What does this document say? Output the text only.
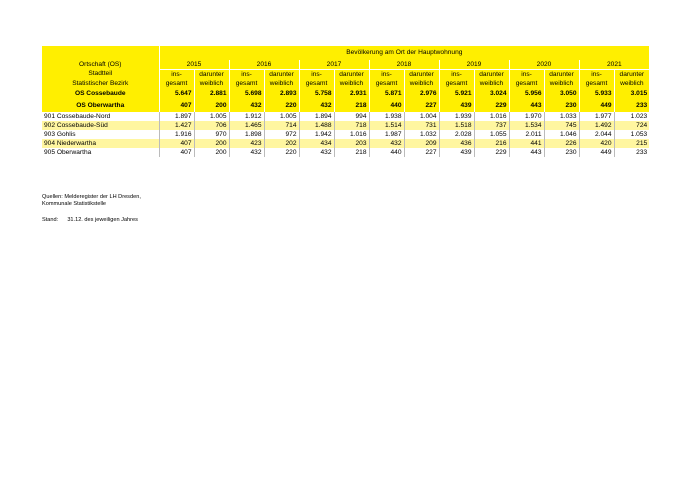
	Bevölkerung am Ort der Hauptwohnung													
Ortschaft (OS)	2015		2016		2017		2018		2019		2020		2021	
Stadtteil	ins-	darunter	ins-	darunter	ins-	darunter	ins-	darunter	ins-	darunter	ins-	darunter	ins-	darunter
Statistischer Bezirk	gesamt	weiblich	gesamt	weiblich	gesamt	weiblich	gesamt	weiblich	gesamt	weiblich	gesamt	weiblich	gesamt	weiblich
OS Cossebaude	5.647	2.881	5.698	2.893	5.758	2.931	5.871	2.976	5.921	3.024	5.956	3.050	5.933	3.015
OS Oberwartha	407	200	432	220	432	218	440	227	439	229	443	230	449	233
901 Cossebaude-Nord	1.897	1.005	1.912	1.005	1.894	994	1.938	1.004	1.939	1.016	1.970	1.033	1.977	1.023
902 Cossebaude-Süd	1.427	706	1.465	714	1.488	718	1.514	731	1.518	737	1.534	745	1.492	724
903 Gohlis	1.916	970	1.898	972	1.942	1.016	1.987	1.032	2.028	1.055	2.011	1.046	2.044	1.053
904 Niederwartha	407	200	423	202	434	203	432	209	436	216	441	226	420	215
905 Oberwartha	407	200	432	220	432	218	440	227	439	229	443	230	449	233
Quellen: Melderegister der LH Dresden,
Kommunale Statistikstelle
Stand: 31.12. des jeweiligen Jahres
